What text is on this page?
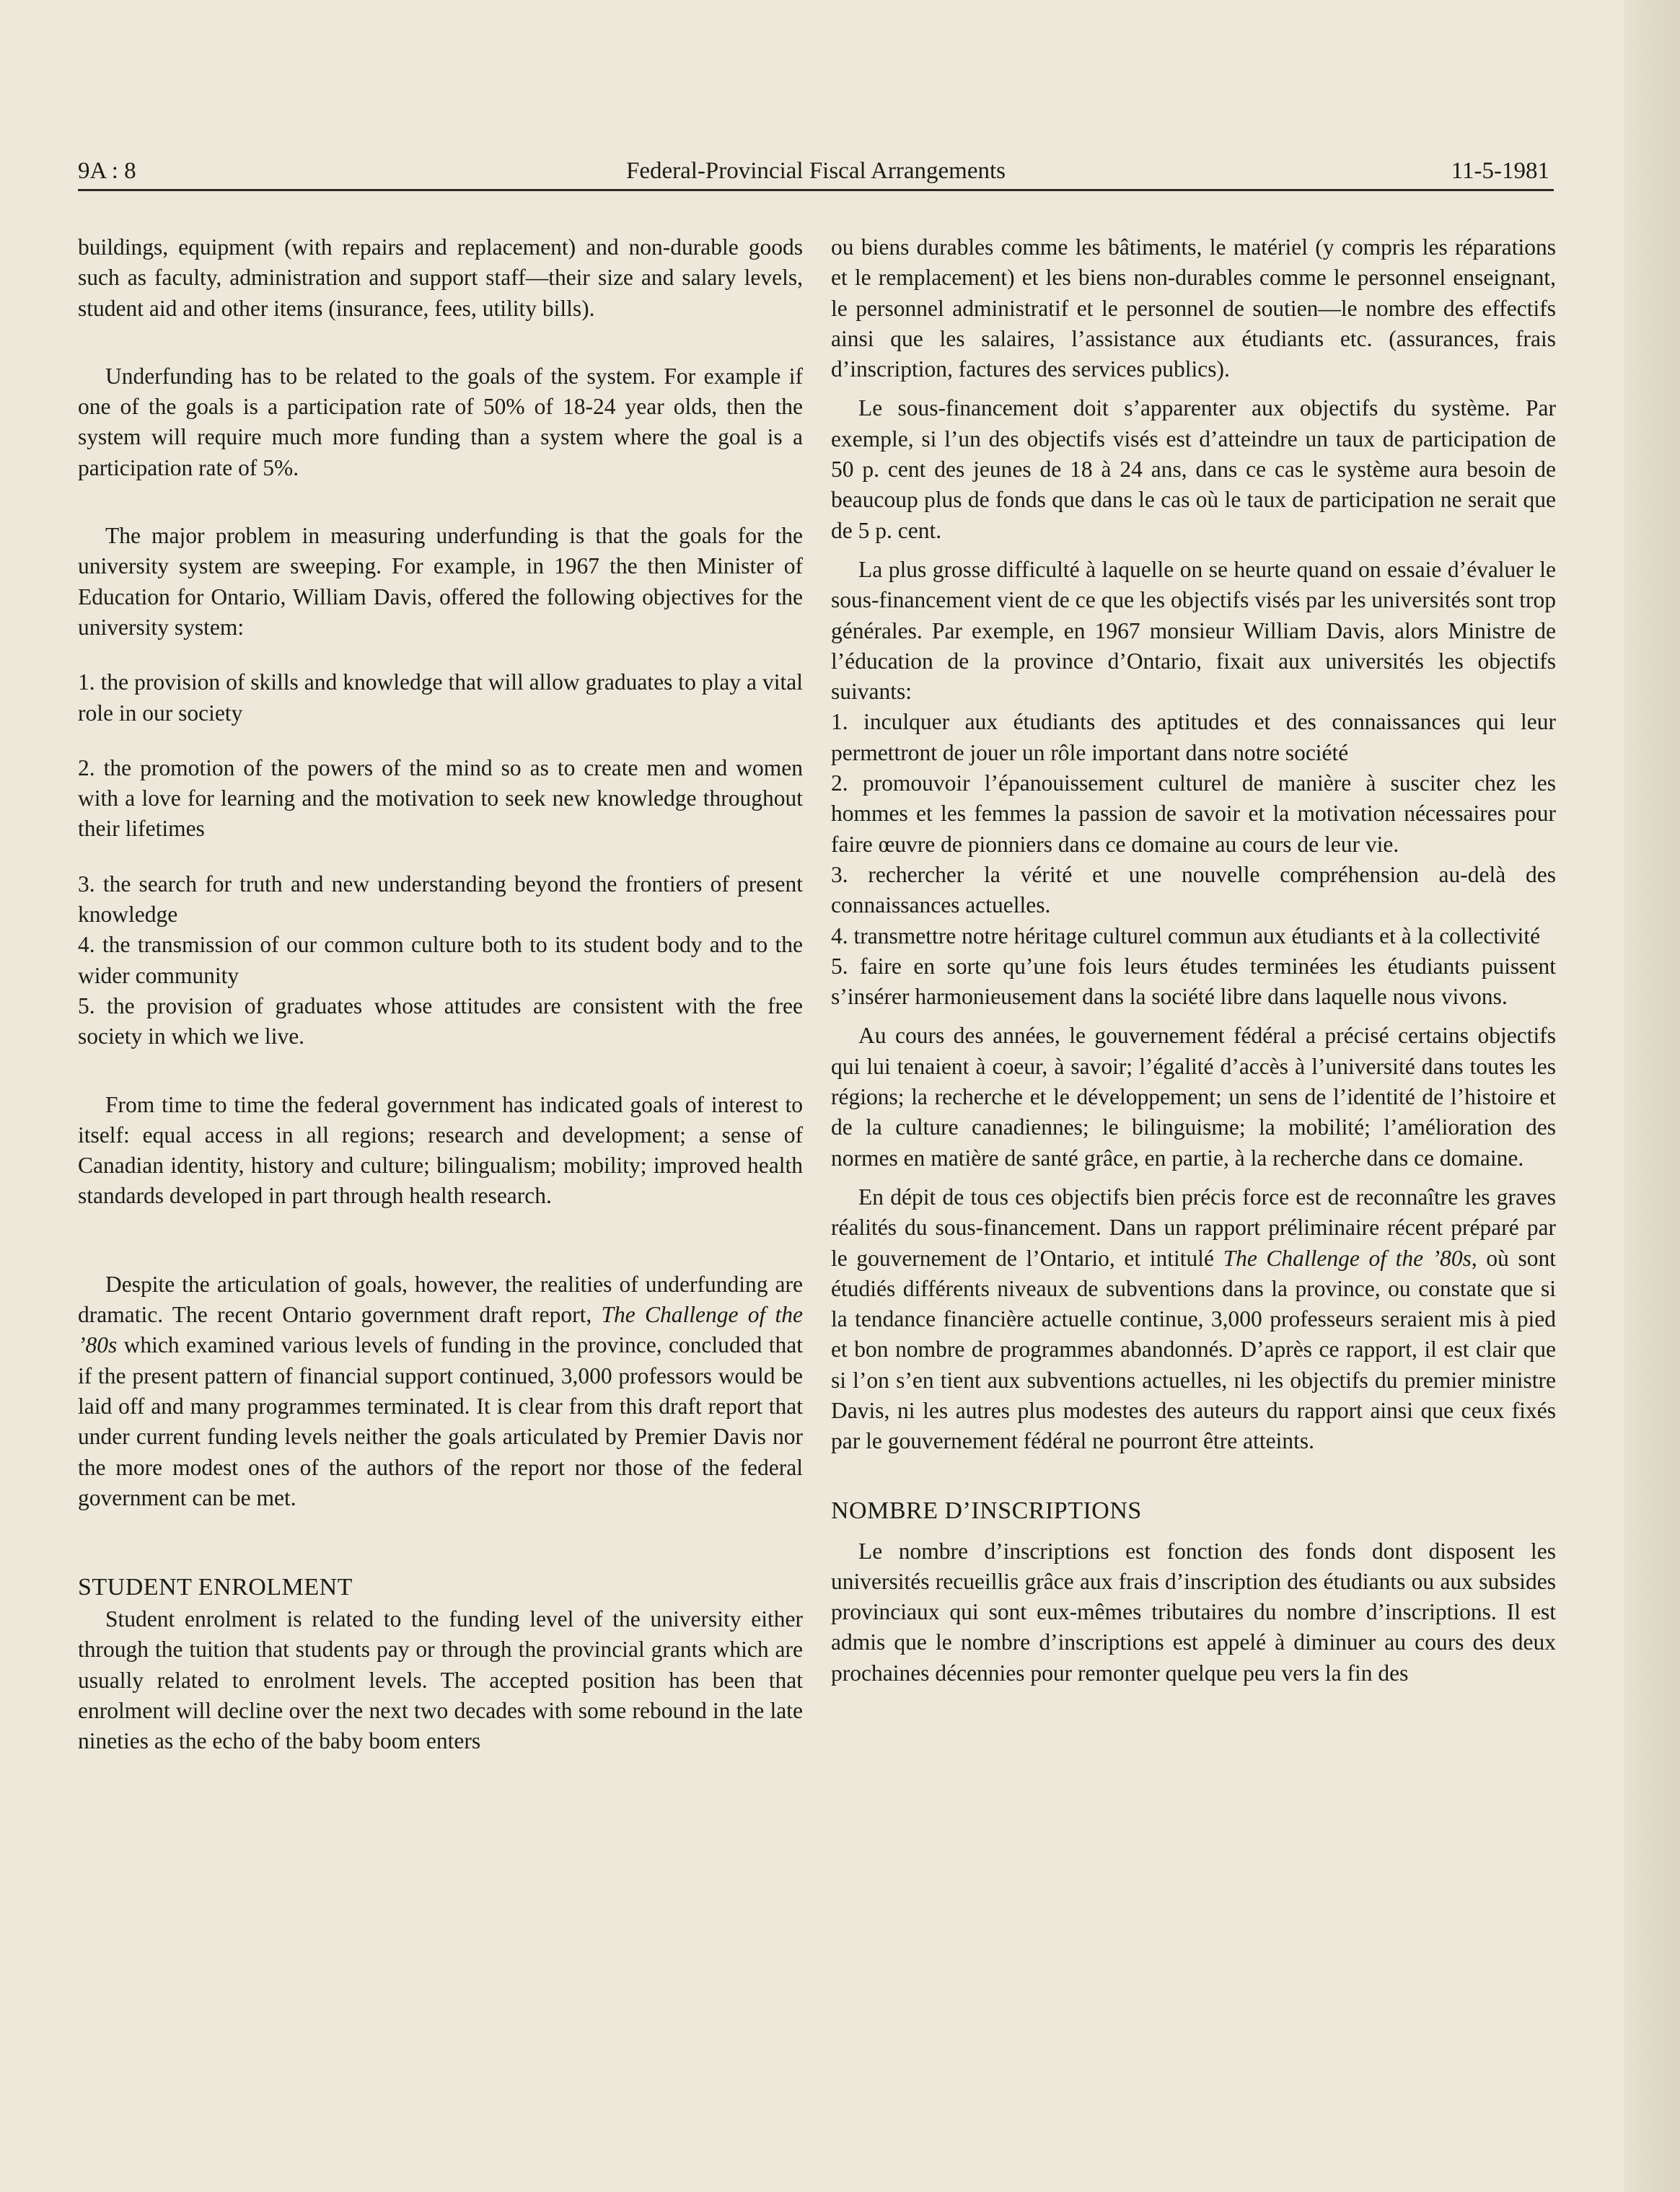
9A : 8	Federal-Provincial Fiscal Arrangements	11-5-1981

buildings, equipment (with repairs and replacement) and non-durable goods such as faculty, administration and support staff—their size and salary levels, student aid and other items (insurance, fees, utility bills).

Underfunding has to be related to the goals of the system. For example if one of the goals is a participation rate of 50% of 18-24 year olds, then the system will require much more funding than a system where the goal is a participation rate of 5%.

The major problem in measuring underfunding is that the goals for the university system are sweeping. For example, in 1967 the then Minister of Education for Ontario, William Davis, offered the following objectives for the university system:

1. the provision of skills and knowledge that will allow graduates to play a vital role in our society

2. the promotion of the powers of the mind so as to create men and women with a love for learning and the motivation to seek new knowledge throughout their lifetimes

3. the search for truth and new understanding beyond the frontiers of present knowledge

4. the transmission of our common culture both to its student body and to the wider community

5. the provision of graduates whose attitudes are consistent with the free society in which we live.

From time to time the federal government has indicated goals of interest to itself: equal access in all regions; research and development; a sense of Canadian identity, history and culture; bilingualism; mobility; improved health standards developed in part through health research.

Despite the articulation of goals, however, the realities of underfunding are dramatic. The recent Ontario government draft report, The Challenge of the ’80s which examined various levels of funding in the province, concluded that if the present pattern of financial support continued, 3,000 professors would be laid off and many programmes terminated. It is clear from this draft report that under current funding levels neither the goals articulated by Premier Davis nor the more modest ones of the authors of the report nor those of the federal government can be met.

STUDENT ENROLMENT

Student enrolment is related to the funding level of the university either through the tuition that students pay or through the provincial grants which are usually related to enrolment levels. The accepted position has been that enrolment will decline over the next two decades with some rebound in the late nineties as the echo of the baby boom enters

ou biens durables comme les bâtiments, le matériel (y compris les réparations et le remplacement) et les biens non-durables comme le personnel enseignant, le personnel administratif et le personnel de soutien—le nombre des effectifs ainsi que les salaires, l’assistance aux étudiants etc. (assurances, frais d’inscription, factures des services publics).

Le sous-financement doit s’apparenter aux objectifs du système. Par exemple, si l’un des objectifs visés est d’atteindre un taux de participation de 50 p. cent des jeunes de 18 à 24 ans, dans ce cas le système aura besoin de beaucoup plus de fonds que dans le cas où le taux de participation ne serait que de 5 p. cent.

La plus grosse difficulté à laquelle on se heurte quand on essaie d’évaluer le sous-financement vient de ce que les objectifs visés par les universités sont trop générales. Par exemple, en 1967 monsieur William Davis, alors Ministre de l’éducation de la province d’Ontario, fixait aux universités les objectifs suivants:

1. inculquer aux étudiants des aptitudes et des connaissances qui leur permettront de jouer un rôle important dans notre société

2. promouvoir l’épanouissement culturel de manière à susciter chez les hommes et les femmes la passion de savoir et la motivation nécessaires pour faire œuvre de pionniers dans ce domaine au cours de leur vie.

3. rechercher la vérité et une nouvelle compréhension au-delà des connaissances actuelles.

4. transmettre notre héritage culturel commun aux étudiants et à la collectivité

5. faire en sorte qu’une fois leurs études terminées les étudiants puissent s’insérer harmonieusement dans la société libre dans laquelle nous vivons.

Au cours des années, le gouvernement fédéral a précisé certains objectifs qui lui tenaient à coeur, à savoir; l’égalité d’accès à l’université dans toutes les régions; la recherche et le développement; un sens de l’identité de l’histoire et de la culture canadiennes; le bilinguisme; la mobilité; l’amélioration des normes en matière de santé grâce, en partie, à la recherche dans ce domaine.

En dépit de tous ces objectifs bien précis force est de reconnaître les graves réalités du sous-financement. Dans un rapport préliminaire récent préparé par le gouvernement de l’Ontario, et intitulé The Challenge of the ’80s, où sont étudiés différents niveaux de subventions dans la province, ou constate que si la tendance financière actuelle continue, 3,000 professeurs seraient mis à pied et bon nombre de programmes abandonnés. D’après ce rapport, il est clair que si l’on s’en tient aux subventions actuelles, ni les objectifs du premier ministre Davis, ni les autres plus modestes des auteurs du rapport ainsi que ceux fixés par le gouvernement fédéral ne pourront être atteints.

NOMBRE D’INSCRIPTIONS

Le nombre d’inscriptions est fonction des fonds dont disposent les universités recueillis grâce aux frais d’inscription des étudiants ou aux subsides provinciaux qui sont eux-mêmes tributaires du nombre d’inscriptions. Il est admis que le nombre d’inscriptions est appelé à diminuer au cours des deux prochaines décennies pour remonter quelque peu vers la fin des
